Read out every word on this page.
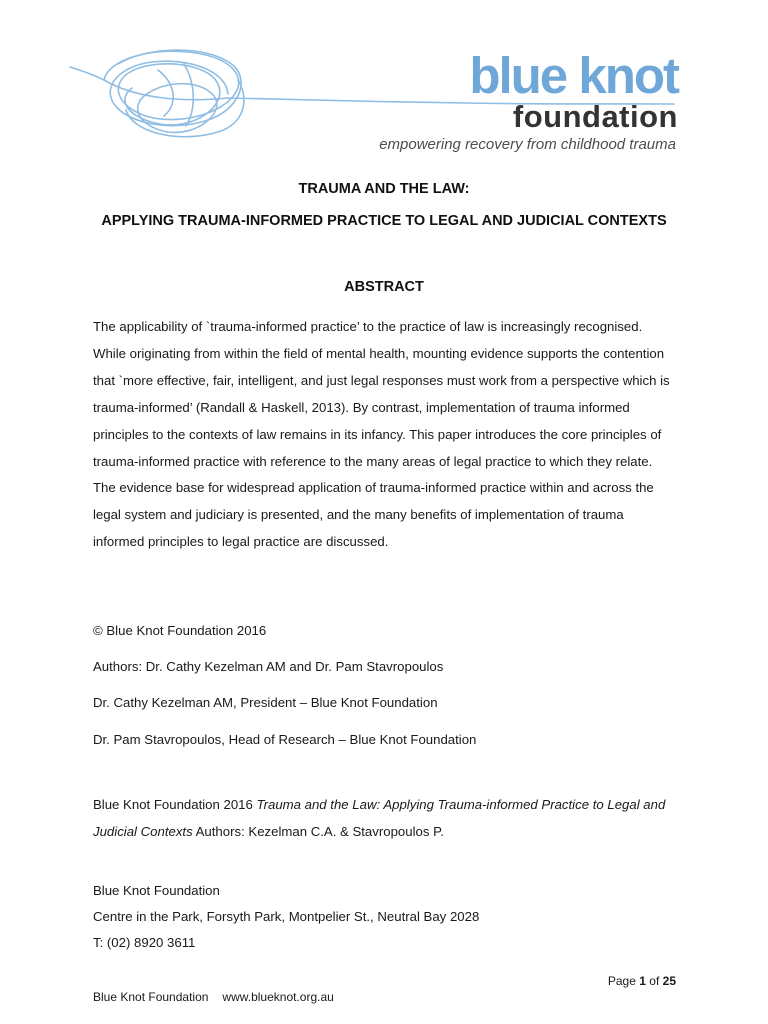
blue knot
foundation
empowering recovery from childhood trauma
TRAUMA AND THE LAW:
APPLYING TRAUMA-INFORMED PRACTICE TO LEGAL AND JUDICIAL CONTEXTS
ABSTRACT

The applicability of `trauma-informed practice’ to the practice of law is increasingly recognised. While originating from within the field of mental health, mounting evidence supports the contention that `more effective, fair, intelligent, and just legal responses must work from a perspective which is trauma-informed’ (Randall & Haskell, 2013). By contrast, implementation of trauma informed principles to the contexts of law remains in its infancy. This paper introduces the core principles of trauma-informed practice with reference to the many areas of legal practice to which they relate. The evidence base for widespread application of trauma-informed practice within and across the legal system and judiciary is presented, and the many benefits of implementation of trauma informed principles to legal practice are discussed.

© Blue Knot Foundation 2016
Authors: Dr. Cathy Kezelman AM and Dr. Pam Stavropoulos
Dr. Cathy Kezelman AM, President – Blue Knot Foundation
Dr. Pam Stavropoulos, Head of Research – Blue Knot Foundation

Blue Knot Foundation 2016 Trauma and the Law: Applying Trauma-informed Practice to Legal and Judicial Contexts Authors: Kezelman C.A. & Stavropoulos P.

Blue Knot Foundation
Centre in the Park, Forsyth Park, Montpelier St., Neutral Bay 2028
T: (02) 8920 3611
Page 1 of 25
Blue Knot Foundation www.blueknot.org.au
